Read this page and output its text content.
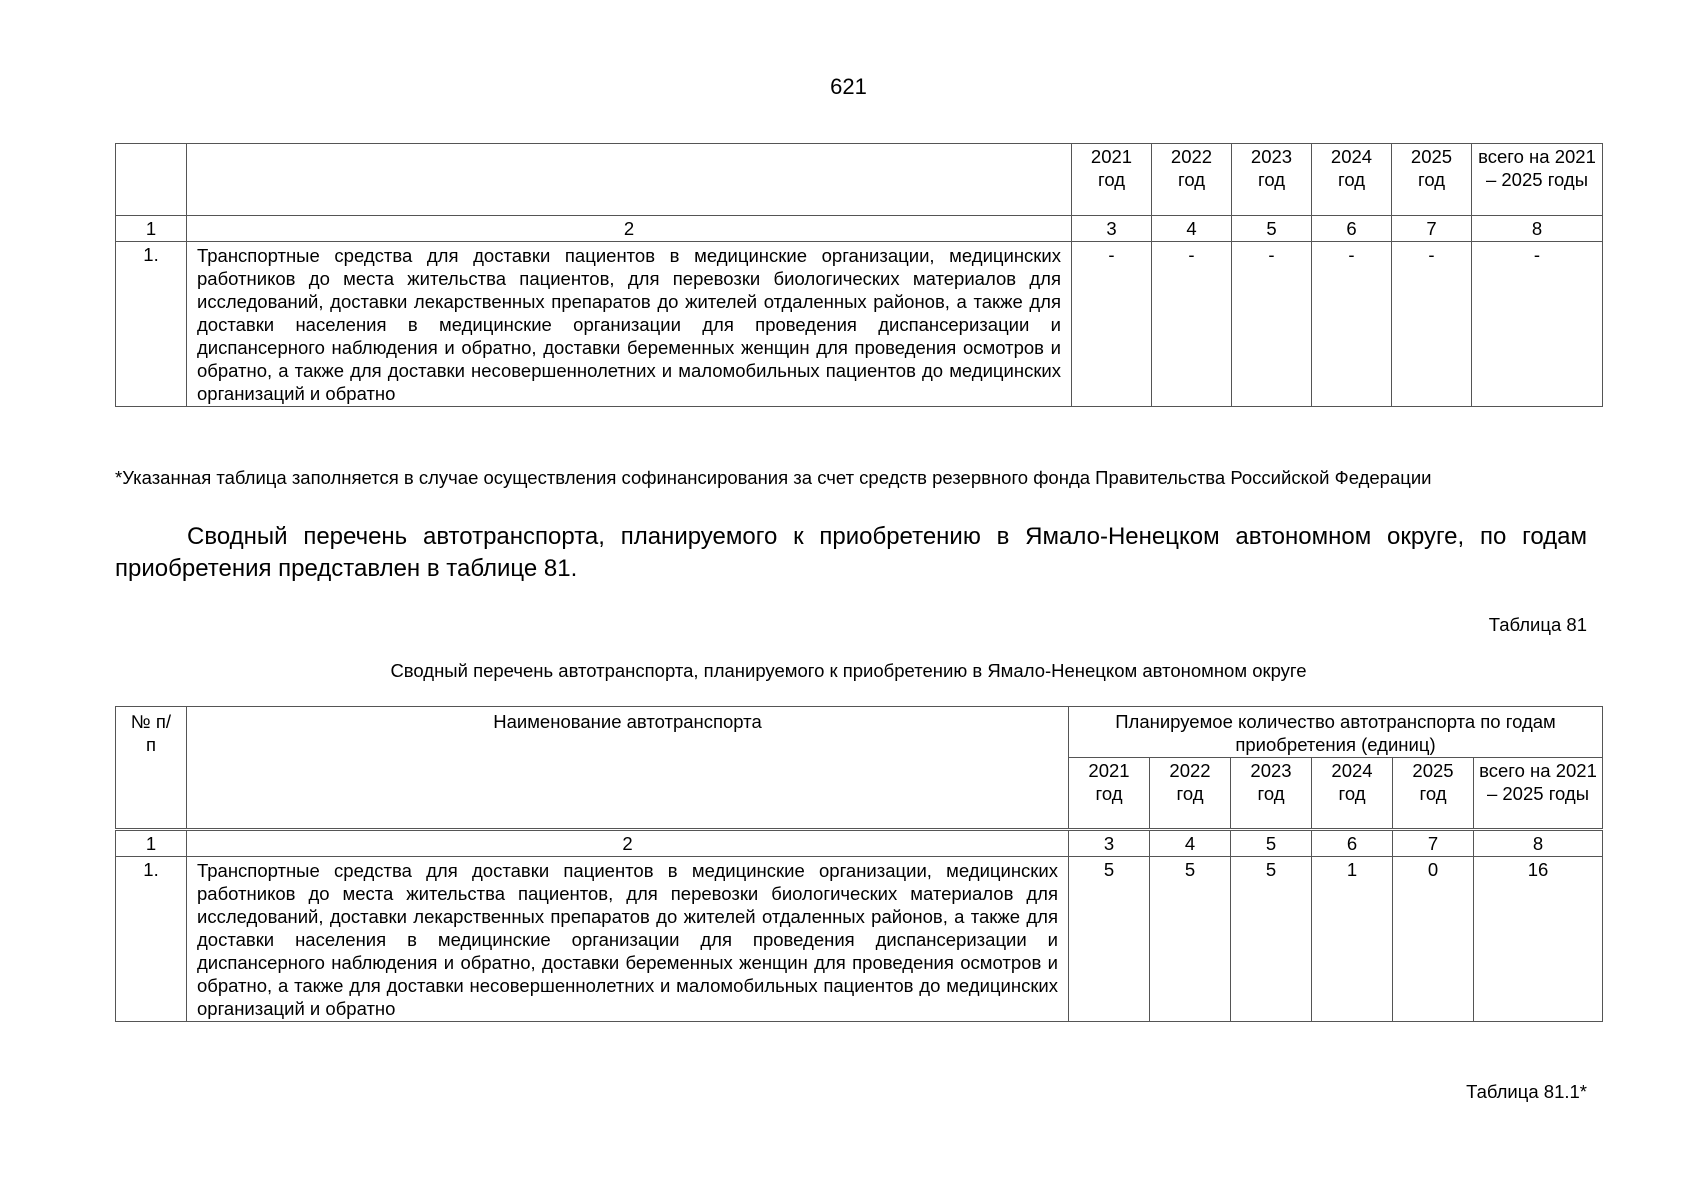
621
		2021 год	2022 год	2023 год	2024 год	2025 год	всего на 2021 – 2025 годы
1	2	3	4	5	6	7	8
1.	Транспортные средства для доставки пациентов в медицинские организации, медицинских работников до места жительства пациентов, для перевозки биологических материалов для исследований, доставки лекарственных препаратов до жителей отдаленных районов, а также для доставки населения в медицинские организации для проведения диспансеризации и диспансерного наблюдения и обратно, доставки беременных женщин для проведения осмотров и обратно, а также для доставки несовершеннолетних и маломобильных пациентов до медицинских организаций и обратно	-	-	-	-	-	-
*Указанная таблица заполняется в случае осуществления софинансирования за счет средств резервного фонда Правительства Российской Федерации
Сводный перечень автотранспорта, планируемого к приобретению в Ямало-Ненецком автономном округе, по годам приобретения представлен в таблице 81.
Таблица 81
Сводный перечень автотранспорта, планируемого к приобретению в Ямало-Ненецком автономном округе
№ п/п	Наименование автотранспорта	Планируемое количество автотранспорта по годам приобретения (единиц)					
		2021 год	2022 год	2023 год	2024 год	2025 год	всего на 2021 – 2025 годы
1	2	3	4	5	6	7	8
1.	Транспортные средства для доставки пациентов в медицинские организации, медицинских работников до места жительства пациентов, для перевозки биологических материалов для исследований, доставки лекарственных препаратов до жителей отдаленных районов, а также для доставки населения в медицинские организации для проведения диспансеризации и диспансерного наблюдения и обратно, доставки беременных женщин для проведения осмотров и обратно, а также для доставки несовершеннолетних и маломобильных пациентов до медицинских организаций и обратно	5	5	5	1	0	16
Таблица 81.1*
